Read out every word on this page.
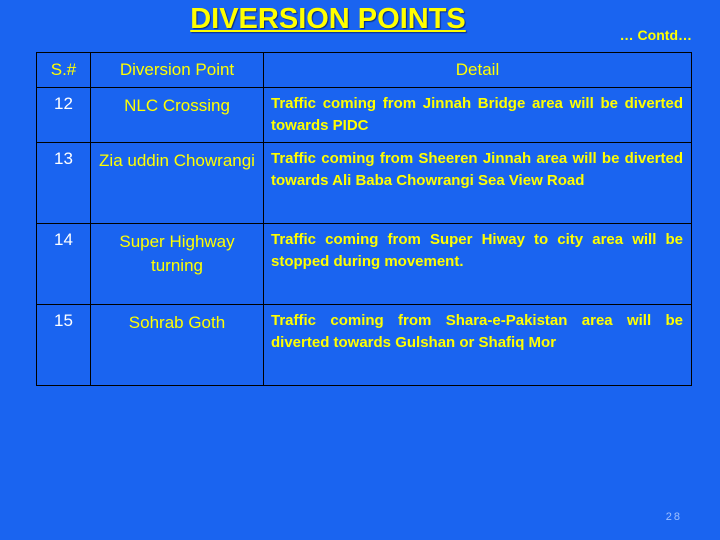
DIVERSION POINTS	… Contd…
S.#	Diversion Point	Detail
12	NLC Crossing	Traffic coming from Jinnah Bridge area will be diverted towards PIDC
13	Zia uddin Chowrangi	Traffic coming from Sheeren Jinnah area will be diverted towards Ali Baba Chowrangi Sea View Road
14	Super Highway turning	Traffic coming from Super Hiway to city area will be stopped during movement.
15	Sohrab Goth	Traffic coming from Shara-e-Pakistan area will be diverted towards Gulshan or Shafiq Mor
28
